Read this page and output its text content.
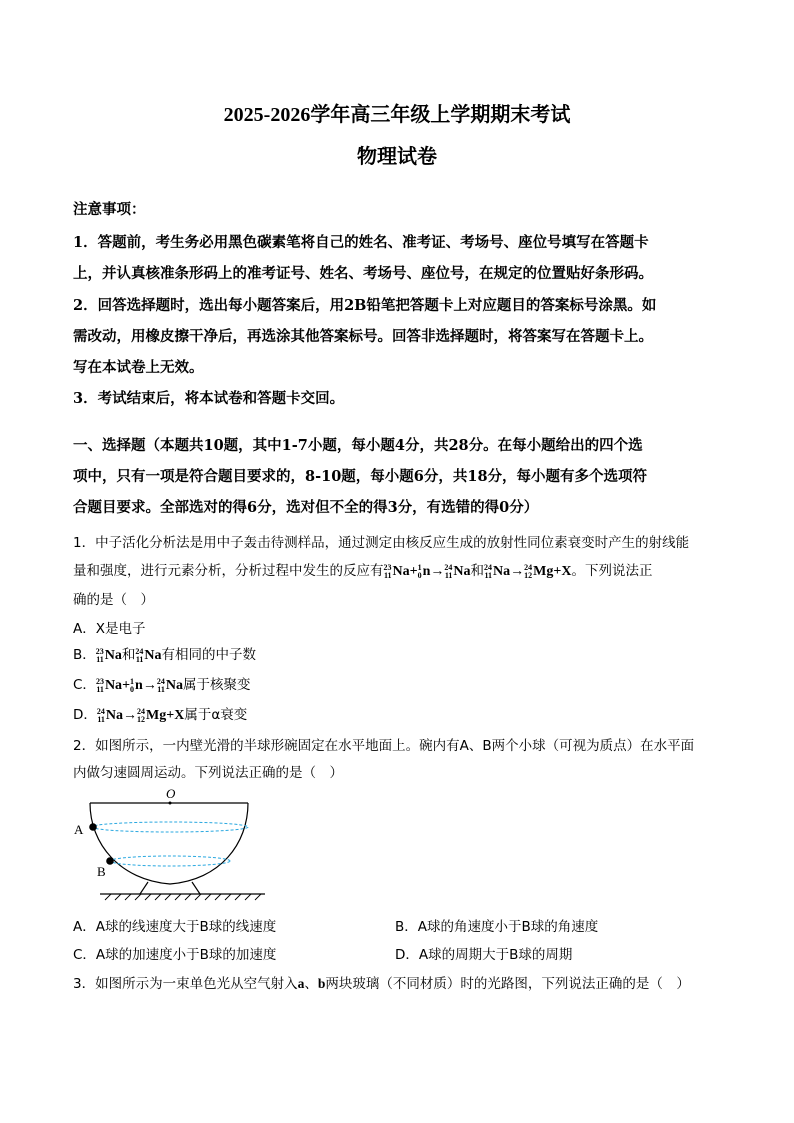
2025-2026学年高三年级上学期期末考试
物理试卷
注意事项：
1．答题前，考生务必用黑色碳素笔将自己的姓名、准考证、考场号、座位号填写在答题卡
上，并认真核准条形码上的准考证号、姓名、考场号、座位号，在规定的位置贴好条形码。
2．回答选择题时，选出每小题答案后，用2B铅笔把答题卡上对应题目的答案标号涂黑。如
需改动，用橡皮擦干净后，再选涂其他答案标号。回答非选择题时，将答案写在答题卡上。
写在本试卷上无效。
3．考试结束后，将本试卷和答题卡交回。
一、选择题（本题共10题，其中1-7小题，每小题4分，共28分。在每小题给出的四个选
项中，只有一项是符合题目要求的，8-10题，每小题6分，共18分，每小题有多个选项符
合题目要求。全部选对的得6分，选对但不全的得3分，有选错的得0分）
1．中子活化分析法是用中子轰击待测样品，通过测定由核反应生成的放射性同位素衰变时产生的射线能
量和强度，进行元素分析，分析过程中发生的反应有 23
11 Na+ 1
0 n→ 24
11 Na和 24
11 Na→ 24
12 Mg+X。下列说法正
确的是（　）
A．X是电子
B． 23
11 Na和 24
11 Na有相同的中子数
C． 23
11 Na+ 1
0 n→ 24
11 Na属于核聚变
D． 24
11 Na→ 24
12 Mg+X属于α衰变
2．如图所示，一内壁光滑的半球形碗固定在水平地面上。碗内有A、B两个小球（可视为质点）在水平面
内做匀速圆周运动。下列说法正确的是（　）
O
A
B
A．A球的线速度大于B球的线速度	B．A球的角速度小于B球的角速度
C．A球的加速度小于B球的加速度	D．A球的周期大于B球的周期
3．如图所示为一束单色光从空气射入a、b两块玻璃（不同材质）时的光路图，下列说法正确的是（　）
